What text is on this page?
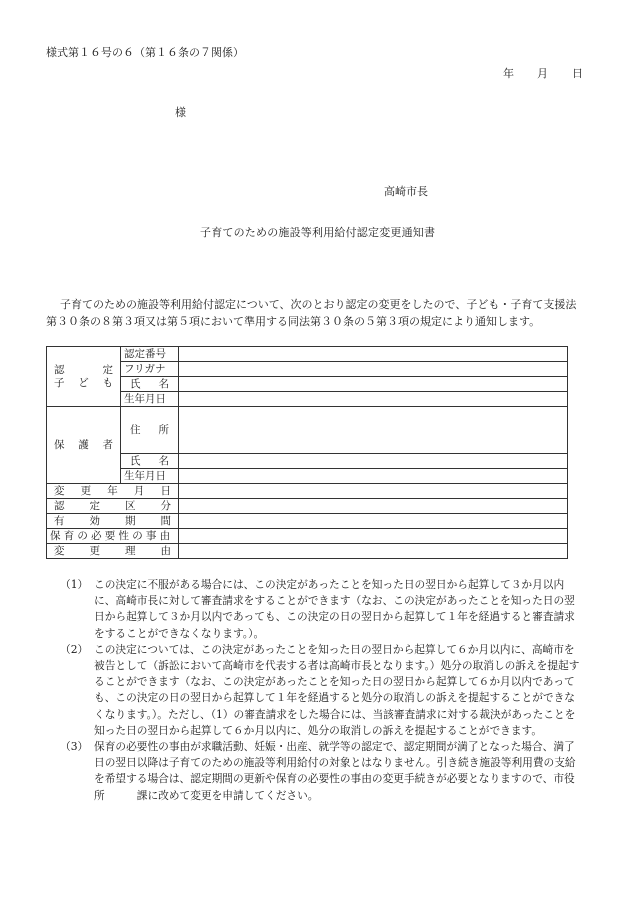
様式第１６号の６（第１６条の７関係）
年 月 日
様
高崎市長
子育てのための施設等利用給付認定変更通知書
子育てのための施設等利用給付認定について、次のとおり認定の変更をしたので、子ども・子育て支援法第３０条の８第３項又は第５項において準用する同法第３０条の５第３項の規定により通知します。
認 定
子 ど も	認定番号	
	フリガナ	

	氏 名	

	生年月日	

保 護 者	住 所	

	氏 名	

	生年月日	

変 更 年 月 日		

認 定 区 分		

有 効 期 間		

保育の必要性の事由		

変 更 理 由		

（1） この決定に不服がある場合には、この決定があったことを知った日の翌日から起算して３か月以内に、高崎市長に対して審査請求をすることができます（なお、この決定があったことを知った日の翌日から起算して３か月以内であっても、この決定の日の翌日から起算して１年を経過すると審査請求をすることができなくなります。）。
（2） この決定については、この決定があったことを知った日の翌日から起算して６か月以内に、高崎市を被告として（訴訟において高崎市を代表する者は高崎市長となります。）処分の取消しの訴えを提起することができます（なお、この決定があったことを知った日の翌日から起算して６か月以内であっても、この決定の日の翌日から起算して１年を経過すると処分の取消しの訴えを提起することができなくなります。）。ただし、（1）の審査請求をした場合には、当該審査請求に対する裁決があったことを知った日の翌日から起算して６か月以内に、処分の取消しの訴えを提起することができます。
（3） 保育の必要性の事由が求職活動、妊娠・出産、就学等の認定で、認定期間が満了となった場合、満了日の翌日以降は子育てのための施設等利用給付の対象とはなりません。引き続き施設等利用費の支給を希望する場合は、認定期間の更新や保育の必要性の事由の変更手続きが必要となりますので、市役所　　　課に改めて変更を申請してください。
